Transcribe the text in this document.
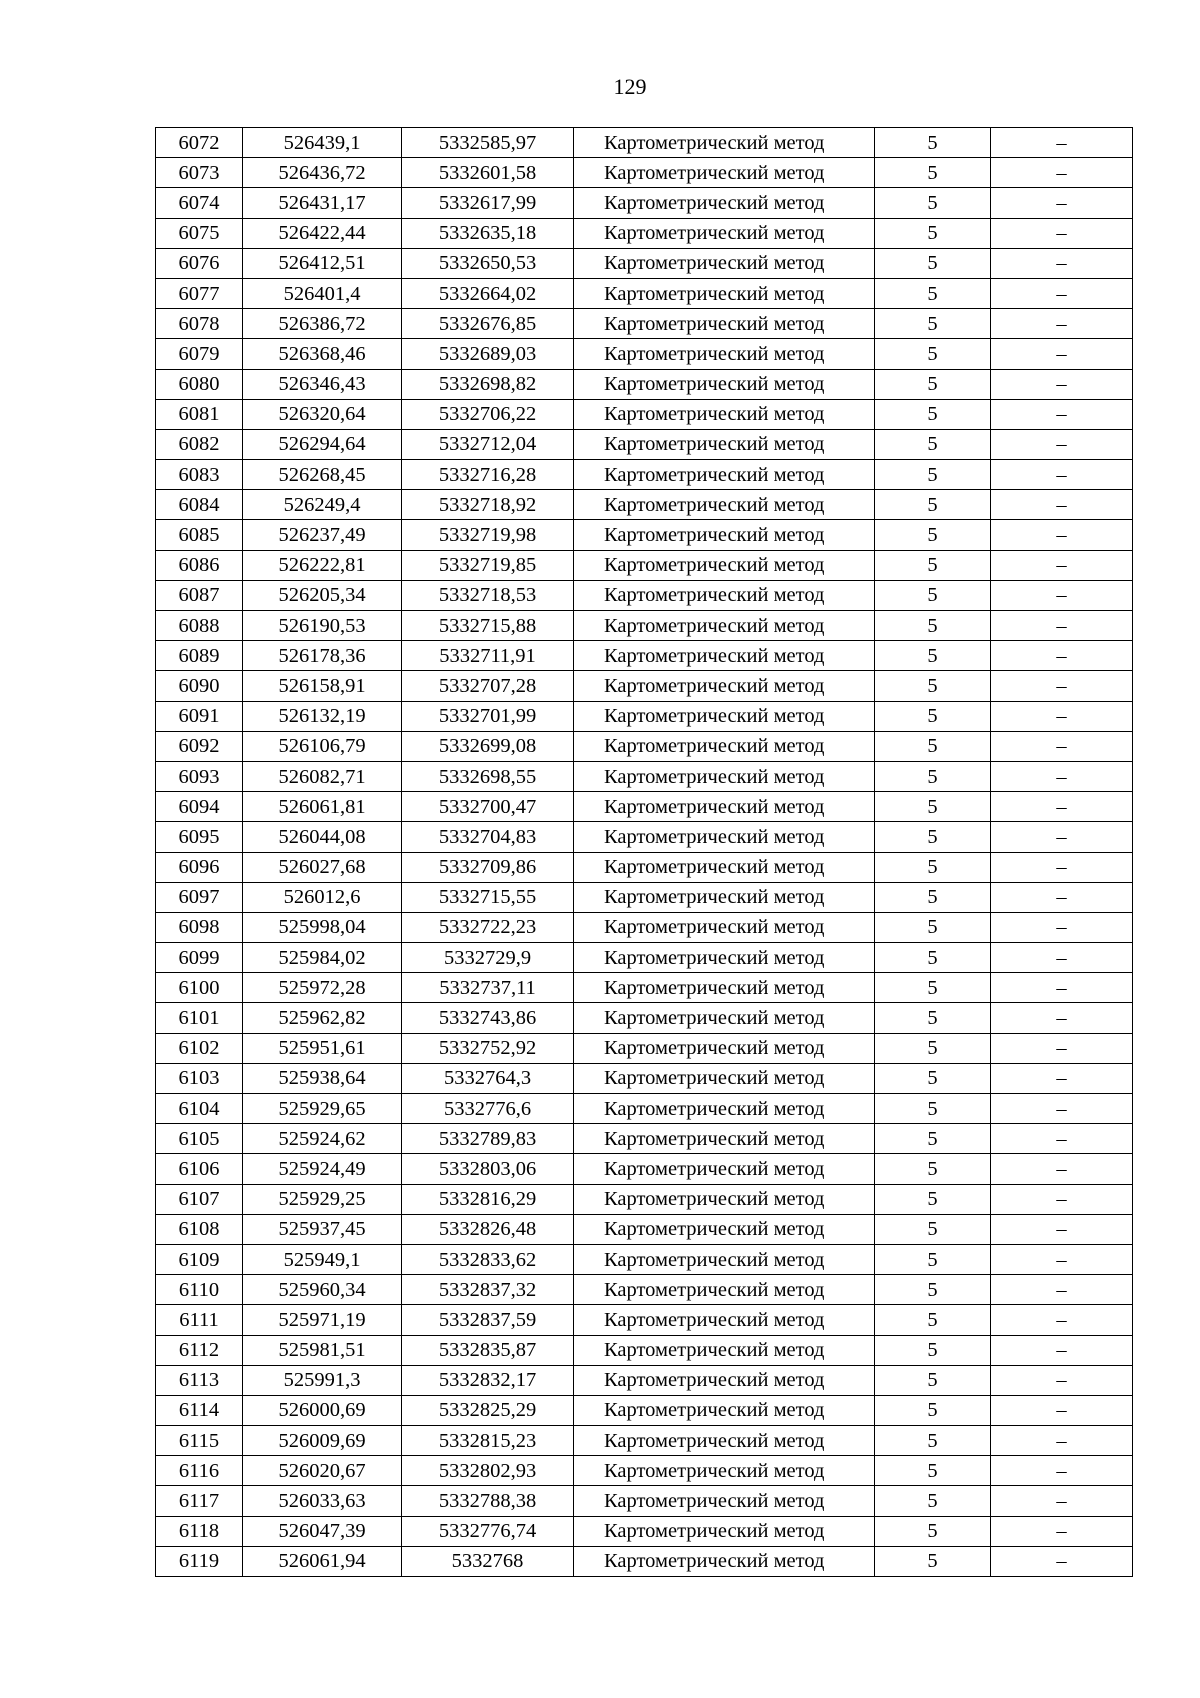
129
6072	526439,1	5332585,97	Картометрический метод	5	–
6073	526436,72	5332601,58	Картометрический метод	5	–
6074	526431,17	5332617,99	Картометрический метод	5	–
6075	526422,44	5332635,18	Картометрический метод	5	–
6076	526412,51	5332650,53	Картометрический метод	5	–
6077	526401,4	5332664,02	Картометрический метод	5	–
6078	526386,72	5332676,85	Картометрический метод	5	–
6079	526368,46	5332689,03	Картометрический метод	5	–
6080	526346,43	5332698,82	Картометрический метод	5	–
6081	526320,64	5332706,22	Картометрический метод	5	–
6082	526294,64	5332712,04	Картометрический метод	5	–
6083	526268,45	5332716,28	Картометрический метод	5	–
6084	526249,4	5332718,92	Картометрический метод	5	–
6085	526237,49	5332719,98	Картометрический метод	5	–
6086	526222,81	5332719,85	Картометрический метод	5	–
6087	526205,34	5332718,53	Картометрический метод	5	–
6088	526190,53	5332715,88	Картометрический метод	5	–
6089	526178,36	5332711,91	Картометрический метод	5	–
6090	526158,91	5332707,28	Картометрический метод	5	–
6091	526132,19	5332701,99	Картометрический метод	5	–
6092	526106,79	5332699,08	Картометрический метод	5	–
6093	526082,71	5332698,55	Картометрический метод	5	–
6094	526061,81	5332700,47	Картометрический метод	5	–
6095	526044,08	5332704,83	Картометрический метод	5	–
6096	526027,68	5332709,86	Картометрический метод	5	–
6097	526012,6	5332715,55	Картометрический метод	5	–
6098	525998,04	5332722,23	Картометрический метод	5	–
6099	525984,02	5332729,9	Картометрический метод	5	–
6100	525972,28	5332737,11	Картометрический метод	5	–
6101	525962,82	5332743,86	Картометрический метод	5	–
6102	525951,61	5332752,92	Картометрический метод	5	–
6103	525938,64	5332764,3	Картометрический метод	5	–
6104	525929,65	5332776,6	Картометрический метод	5	–
6105	525924,62	5332789,83	Картометрический метод	5	–
6106	525924,49	5332803,06	Картометрический метод	5	–
6107	525929,25	5332816,29	Картометрический метод	5	–
6108	525937,45	5332826,48	Картометрический метод	5	–
6109	525949,1	5332833,62	Картометрический метод	5	–
6110	525960,34	5332837,32	Картометрический метод	5	–
6111	525971,19	5332837,59	Картометрический метод	5	–
6112	525981,51	5332835,87	Картометрический метод	5	–
6113	525991,3	5332832,17	Картометрический метод	5	–
6114	526000,69	5332825,29	Картометрический метод	5	–
6115	526009,69	5332815,23	Картометрический метод	5	–
6116	526020,67	5332802,93	Картометрический метод	5	–
6117	526033,63	5332788,38	Картометрический метод	5	–
6118	526047,39	5332776,74	Картометрический метод	5	–
6119	526061,94	5332768	Картометрический метод	5	–
